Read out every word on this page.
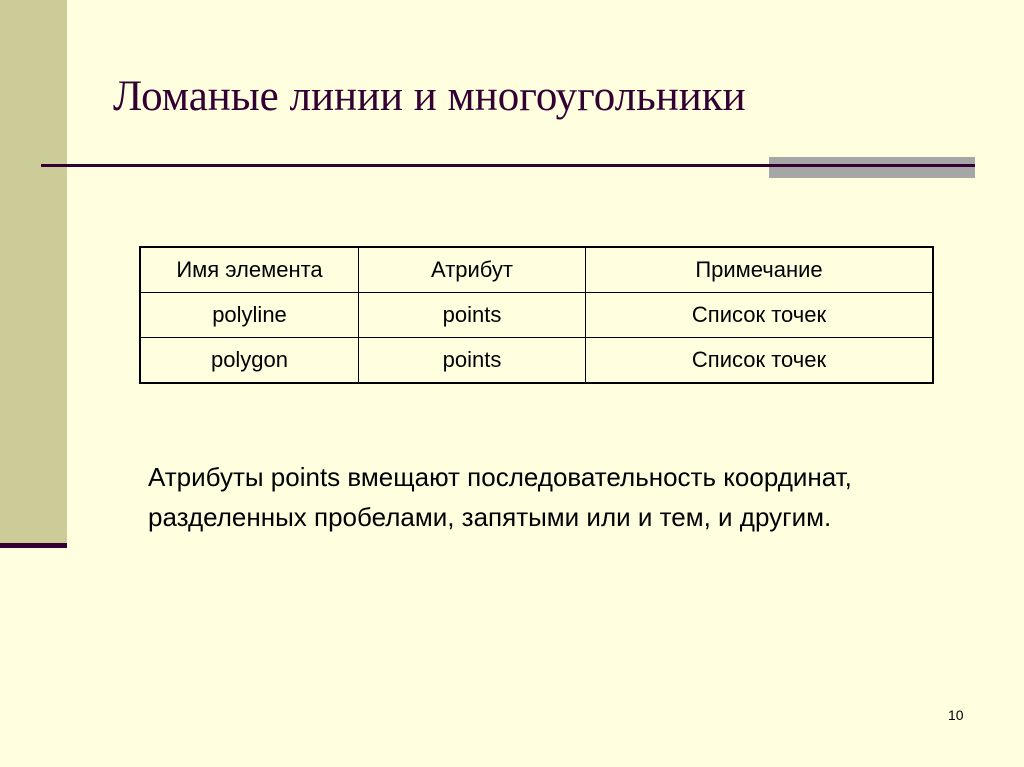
Ломаные линии и многоугольники
Имя элемента	Атрибут	Примечание
polyline	points	Список точек
polygon	points	Список точек
Атрибуты points вмещают последовательность координат, разделенных пробелами, запятыми или и тем, и другим.
10
